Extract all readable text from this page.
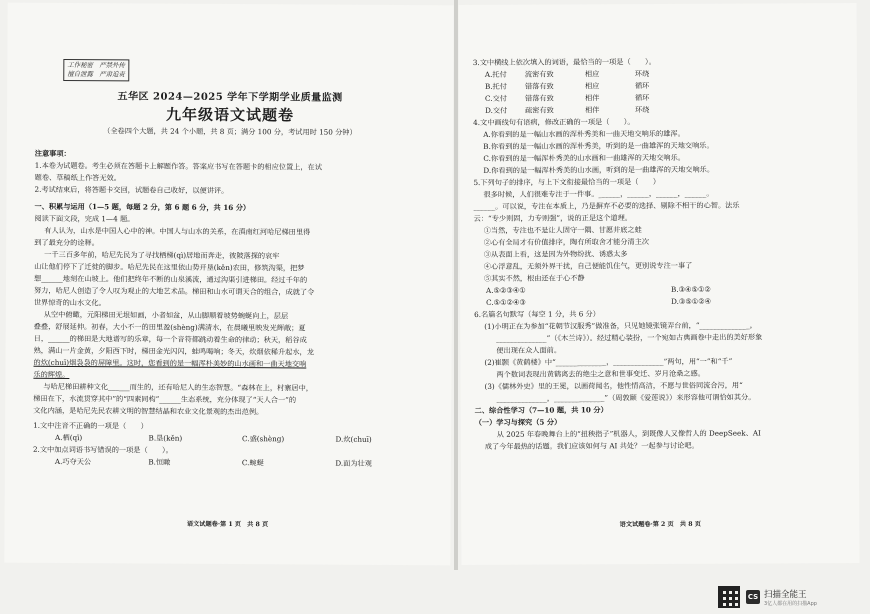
工作秘密　严禁外传
擅自泄露　严肃追责
五华区 2024—2025 学年下学期学业质量监测
九年级语文试题卷
（全卷四个大题，共 24 个小题，共 8 页；满分 100 分，考试用时 150 分钟）
注意事项：
1.本卷为试题卷。考生必须在答题卡上解题作答。答案应书写在答题卡的相应位置上，在试
题卷、草稿纸上作答无效。
2.考试结束后，将答题卡交回，试题卷自己收好，以便讲评。
一、积累与运用（1—5 题，每题 2 分，第 6 题 6 分，共 16 分）
阅读下面文段，完成 1—4 题。
有人认为，山水是中国人心中的神。中国人与山水的关系，在滇南红河哈尼梯田里得
到了最充分的诠释。
一千三百多年前，哈尼先民为了寻找栖梯(qì)居地而奔走，彼陂落探的哀牢
山让他们停下了迁徙的脚步。哈尼先民在这里依山势开垦(kěn)农田，修筑沟渠，把梦
想______地刻在山坡上。他们把终年不断的山泉溪流，通过沟渠引进梯田。经过千年的
努力，哈尼人创造了令人叹为观止的大地艺术品。梯田和山水可谓天合的组合，成就了令
世界惊奇的山水文化。
从空中俯瞰，元阳梯田无垠如画，小者如盆，从山脚顺着坡势蜿蜒向上，层层
叠叠，舒展延伸。初春，大小不一的田里盈(shèng)满清水，在晨曦里映发光辉敞；夏
日，______的梯田是大地谱写的乐章，每一个音符都跳动着生命的律动；秋天，稻谷成
熟，满山一片金黄，夕阳西下时，梯田金光闪闪，蛙鸣喝响；冬天，炊烟依稀升起水，龙
的炊(chuī)烟袅袅的屏障里。这时，您看到的是一幅浑朴美妙的山水画和一曲天地交响
乐的辉煌。
与哈尼梯田耕种文化______而生的，还有哈尼人的生态智慧。“森林在上，村寨居中，
梯田在下，水流贯穿其中”的“四素同构”______生态系统，充分体现了“天人合一”的
文化内涵，是哈尼先民农耕文明的智慧结晶和农业文化景观的杰出范例。
1.文中注音不正确的一项是（　　）
A.栖(qī)	B.垦(kěn)	C.盛(shèng)	D.炊(chuī)
2.文中加点词语书写错误的一项是（　　）。
A.巧夺天公	B.恒瞰	C.蜿蜒	D.面为壮观
语文试题卷·第 1 页　共 8 页
3.文中横线上依次填入的词语，最恰当的一项是（　　）。
A.托付	流密有致	相应	环绕
B.托付	错落有致	相应	循环
C.交付	错落有致	相伴	循环
D.交付	疏密有致	相伴	环绕
4.文中画线句有语病，修改正确的一项是（　　）。
A.你看到的是一幅山水画的浑朴秀美和一曲天地交响乐的雄浑。
B.你看到的是一幅山水画的浑朴秀美，听到的是一曲雄浑的天地交响乐。
C.你看到的是一幅浑朴秀美的山水画和一曲雄浑的天地交响乐。
D.你看到的是一幅浑朴秀美的山水画，听到的是一曲雄浑的天地交响乐。
5.下列句子的排序，与上下文衔接最恰当的一项是（　　）
很多时候，人们很难专注于一件事。______，______，______，______。
______。可以说，专注在本质上，乃是摒弃不必要的选择、剔除不相干的心智。法乐
云：“专少则固，力专则强”，说的正是这个道理。
①当然，专注也不是让人固守一隅、甘愿井底之蛙
②心有全局才有价值排序，陶有所取舍才能分清主次
③从表面上看，这是因为外物纷扰、诱惑太多
④心浮意乱，无须外界干扰，自己便能饥住气，更别说专注一事了
⑤其实不然，根由还在于心不静
A.⑤②③④①	B.③④⑤①②
C.⑤①②④③	D.③⑤①②④
6.名篇名句默写（每空 1 分，共 6 分）
(1)小明正在为参加“花朝节汉服秀”做准备，只见她镜张镜弄台前，“______________，
______________”（《木兰诗》）。经过精心装扮，一个宛如古典画卷中走出的美好形象
便出现在众人面前。
(2)崔颢《黄鹤楼》中“______________，______________”两句，用“一”和“千”
两个数词表现出黄鹤离去的绝尘之意和世事变迁、岁月沧桑之感。
(3)《儒林外史》里的王冕，以画荷闻名，他性情高洁，不愿与世俗同流合污，用“
______________，______________”（周敦颐《爱莲说》）来形容他可谓恰如其分。
二、综合性学习（7—10 题，共 10 分）
（一）学习与探究（5 分）
从 2025 年春晚舞台上的“扭秧指子”机器人，到既像人又像哲人的 DeepSeek、AI
成了今年最热的话题。我们应该如何与 AI 共处？一起参与讨论吧。
语文试题卷·第 2 页　共 8 页
CS 扫描全能王
3亿人都在用的扫描App
